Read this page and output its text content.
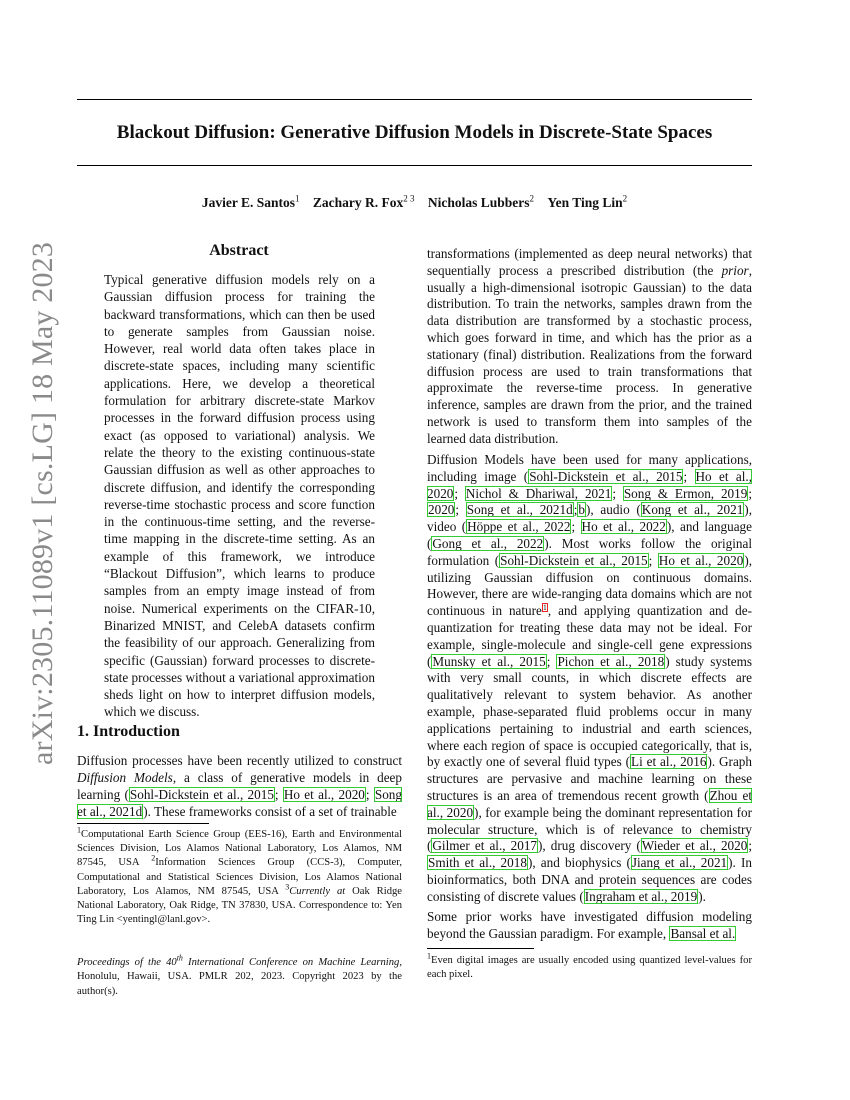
Blackout Diffusion: Generative Diffusion Models in Discrete-State Spaces
Javier E. Santos$^1$ Zachary R. Fox$^{2 3}$ Nicholas Lubbers$^2$ Yen Ting Lin$^2$
arXiv:2305.11089v1 [cs.LG] 18 May 2023	Abstract
Typical generative diffusion models rely on a Gaussian diffusion process for training the backward transformations, which can then be used to generate samples from Gaussian noise. However, real world data often takes place in discrete-state spaces, including many scientific applications. Here, we develop a theoretical formulation for arbitrary discrete-state Markov processes in the forward diffusion process using exact (as opposed to variational) analysis. We relate the theory to the existing continuous-state Gaussian diffusion as well as other approaches to discrete diffusion, and identify the corresponding reverse-time stochastic process and score function in the continuous-time setting, and the reverse-time mapping in the discrete-time setting. As an example of this framework, we introduce “Blackout Diffusion”, which learns to produce samples from an empty image instead of from noise. Numerical experiments on the CIFAR-10, Binarized MNIST, and CelebA datasets confirm the feasibility of our approach. Generalizing from specific (Gaussian) forward processes to discrete-state processes without a variational approximation sheds light on how to interpret diffusion models, which we discuss.
1. Introduction
Diffusion processes have been recently utilized to construct Diffusion Models, a class of generative models in deep learning (Sohl-Dickstein et al., 2015; Ho et al., 2020; Song et al., 2021d). These frameworks consist of a set of trainable
$^1$Computational Earth Science Group (EES-16), Earth and Environmental Sciences Division, Los Alamos National Laboratory, Los Alamos, NM 87545, USA $^2$Information Sciences Group (CCS-3), Computer, Computational and Statistical Sciences Division, Los Alamos National Laboratory, Los Alamos, NM 87545, USA $^3$Currently at Oak Ridge National Laboratory, Oak Ridge, TN 37830, USA. Correspondence to: Yen Ting Lin <yentingl@lanl.gov>.
Proceedings of the 40th International Conference on Machine Learning, Honolulu, Hawaii, USA. PMLR 202, 2023. Copyright 2023 by the author(s).
transformations (implemented as deep neural networks) that sequentially process a prescribed distribution (the prior, usually a high-dimensional isotropic Gaussian) to the data distribution. To train the networks, samples drawn from the data distribution are transformed by a stochastic process, which goes forward in time, and which has the prior as a stationary (final) distribution. Realizations from the forward diffusion process are used to train transformations that approximate the reverse-time process. In generative inference, samples are drawn from the prior, and the trained network is used to transform them into samples of the learned data distribution.
Diffusion Models have been used for many applications, including image (Sohl-Dickstein et al., 2015; Ho et al., 2020; Nichol & Dhariwal, 2021; Song & Ermon, 2019; 2020; Song et al., 2021d;b), audio (Kong et al., 2021), video (Höppe et al., 2022; Ho et al., 2022), and language (Gong et al., 2022). Most works follow the original formulation (Sohl-Dickstein et al., 2015; Ho et al., 2020), utilizing Gaussian diffusion on continuous domains. However, there are wide-ranging data domains which are not continuous in nature$^1$, and applying quantization and de-quantization for treating these data may not be ideal. For example, single-molecule and single-cell gene expressions (Munsky et al., 2015; Pichon et al., 2018) study systems with very small counts, in which discrete effects are qualitatively relevant to system behavior. As another example, phase-separated fluid problems occur in many applications pertaining to industrial and earth sciences, where each region of space is occupied categorically, that is, by exactly one of several fluid types (Li et al., 2016). Graph structures are pervasive and machine learning on these structures is an area of tremendous recent growth (Zhou et al., 2020), for example being the dominant representation for molecular structure, which is of relevance to chemistry (Gilmer et al., 2017), drug discovery (Wieder et al., 2020; Smith et al., 2018), and biophysics (Jiang et al., 2021). In bioinformatics, both DNA and protein sequences are codes consisting of discrete values (Ingraham et al., 2019).
Some prior works have investigated diffusion modeling beyond the Gaussian paradigm. For example, Bansal et al.
$^1$Even digital images are usually encoded using quantized level-values for each pixel.
